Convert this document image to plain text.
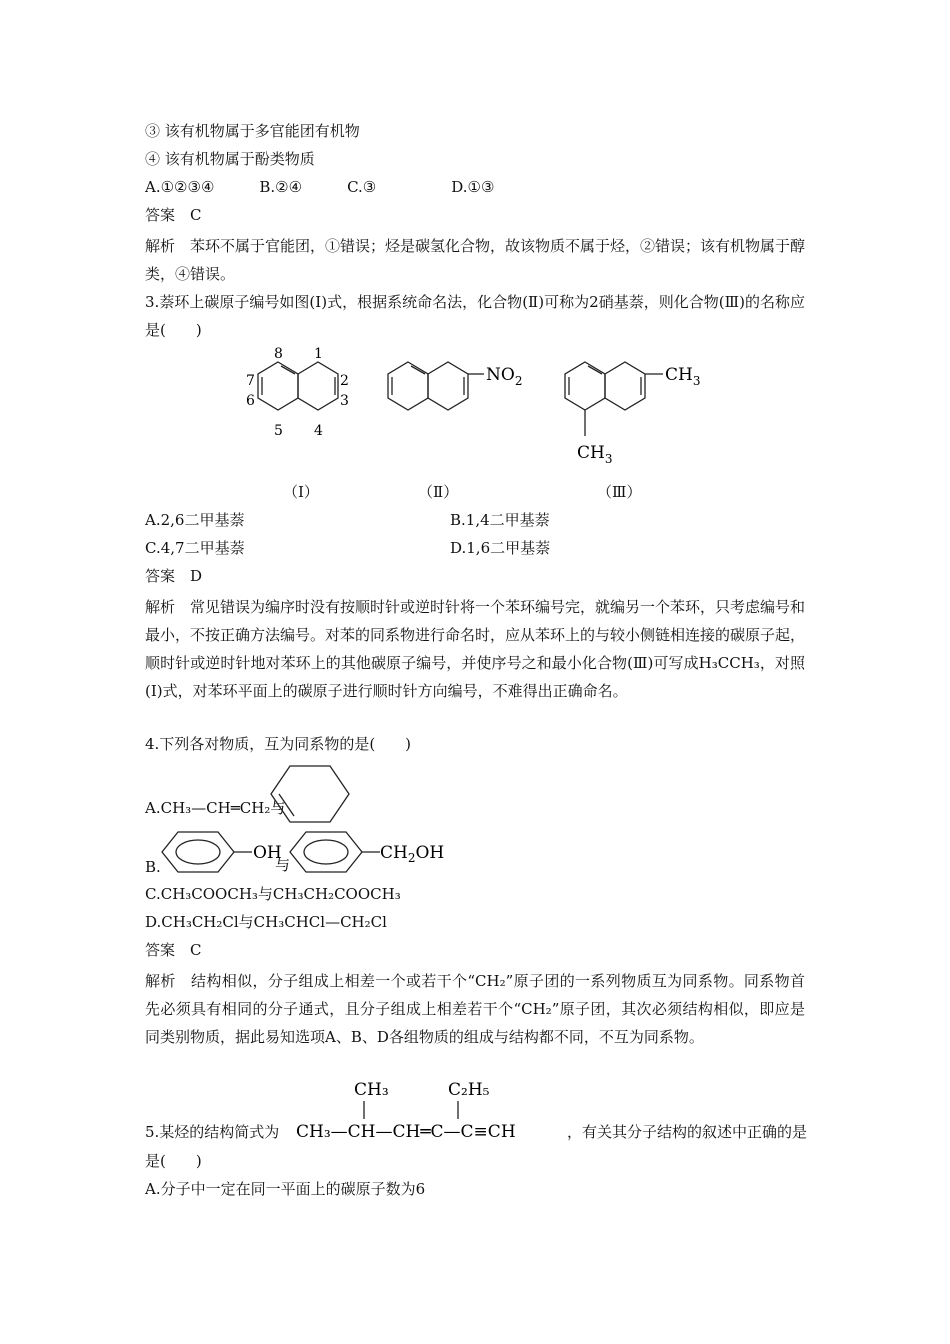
③ 该有机物属于多官能团有机物
④ 该有机物属于酚类物质
A.①②③④　　　B.②④　　　C.③　　　　　D.①③
答案　C
解析　苯环不属于官能团，①错误；烃是碳氢化合物，故该物质不属于烃，②错误；该有机物属于醇类，④错误。
3.萘环上碳原子编号如图(Ⅰ)式，根据系统命名法，化合物(Ⅱ)可称为2硝基萘，则化合物(Ⅲ)的名称应是(　　)
8 1
7	2
6	3
5 4
$NO_2$	$CH_3$
$CH_3$
（Ⅰ）	（Ⅱ）	（Ⅲ）
A.2,6二甲基萘	B.1,4二甲基萘
C.4,7二甲基萘	D.1,6二甲基萘
答案　D
解析　常见错误为编序时没有按顺时针或逆时针将一个苯环编号完，就编另一个苯环，只考虑编号和最小，不按正确方法编号。对苯的同系物进行命名时，应从苯环上的与较小侧链相连接的碳原子起，顺时针或逆时针地对苯环上的其他碳原子编号，并使序号之和最小化合物(Ⅲ)可写成H₃CCH₃，对照(Ⅰ)式，对苯环平面上的碳原子进行顺时针方向编号，不难得出正确命名。
4.下列各对物质，互为同系物的是(　　)
A.CH₃—CH═CH₂与
B.
OH
与
$CH_2OH$
C.CH₃COOCH₃与CH₃CH₂COOCH₃
D.CH₃CH₂Cl与CH₃CHCl—CH₂Cl
答案　C
解析　结构相似，分子组成上相差一个或若干个“CH₂”原子团的一系列物质互为同系物。同系物首先必须具有相同的分子通式，且分子组成上相差若干个“CH₂”原子团，其次必须结构相似，即应是同类别物质，据此易知选项A、B、D各组物质的组成与结构都不同，不互为同系物。
5.某烃的结构简式为 CH₃—CH—CH═C—C≡CH
CH₃	C₂H₅
，有关其分子结构的叙述中正确的是
是(　　)
A.分子中一定在同一平面上的碳原子数为6
